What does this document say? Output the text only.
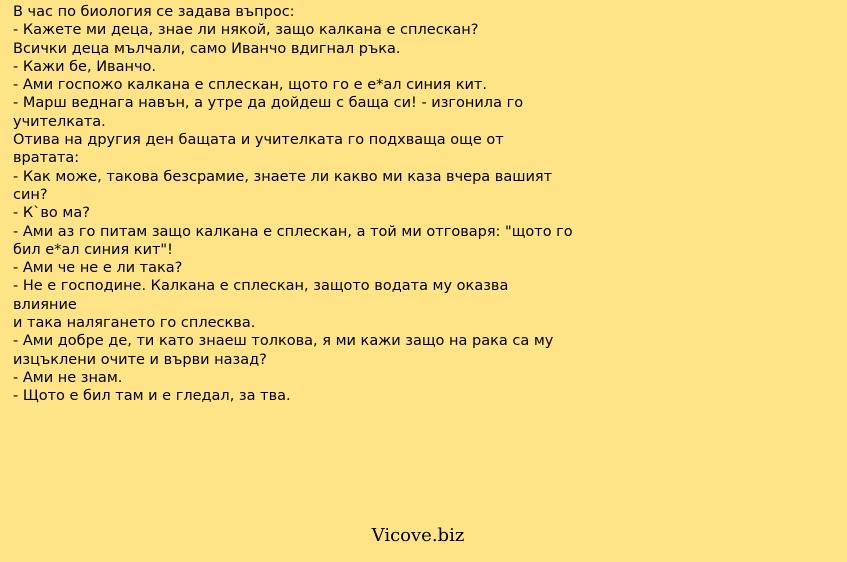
В час по биология се задава въпрос:
- Кажете ми деца, знае ли някой, защо калкана е сплескан?
Всички деца мълчали, само Иванчо вдигнал ръка.
- Кажи бе, Иванчо.
- Ами госпожо калкана е сплескан, щото го е е*ал синия кит.
- Марш веднага навън, а утре да дойдеш с баща си! - изгонила го учителката.
Отива на другия ден бащата и учителката го подхваща още от вратата:
- Как може, такова безсрамие, знаете ли какво ми каза вчера вашият син?
- К`во ма?
- Ами аз го питам защо калкана е сплескан, а той ми отговаря: "щото го бил е*ал синия кит"!
- Ами че не е ли така?
- Не е господине. Калкана е сплескан, защото водата му оказва влияние
и така налягането го сплесква.
- Ами добре де, ти като знаеш толкова, я ми кажи защо на рака са му изцъклени очите и върви назад?
- Ами не знам.
- Щото е бил там и е гледал, за тва.
Vicove.biz
